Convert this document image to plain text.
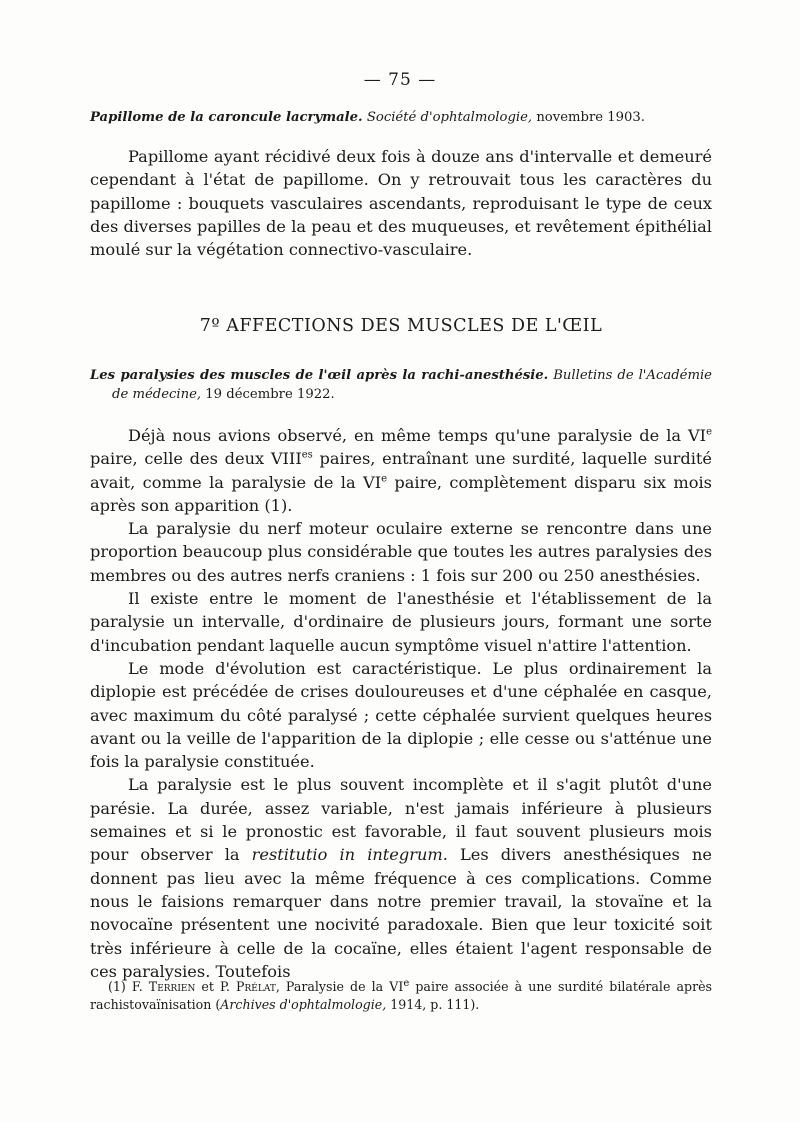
— 75 —
Papillome de la caroncule lacrymale. Société d'ophtalmologie, novembre 1903.

Papillome ayant récidivé deux fois à douze ans d'intervalle et demeuré cependant à l'état de papillome. On y retrouvait tous les caractères du papillome : bouquets vasculaires ascendants, reproduisant le type de ceux des diverses papilles de la peau et des muqueuses, et revêtement épithélial moulé sur la végétation connectivo-vasculaire.

7º AFFECTIONS DES MUSCLES DE L'ŒIL

Les paralysies des muscles de l'œil après la rachi-anesthésie. Bulletins de l'Académie de médecine, 19 décembre 1922.

Déjà nous avions observé, en même temps qu'une paralysie de la VIe paire, celle des deux $VIII^{es}$ paires, entraînant une surdité, laquelle surdité avait, comme la paralysie de la VIe paire, complètement disparu six mois après son apparition (1).

La paralysie du nerf moteur oculaire externe se rencontre dans une proportion beaucoup plus considérable que toutes les autres paralysies des membres ou des autres nerfs craniens : 1 fois sur 200 ou 250 anesthésies.

Il existe entre le moment de l'anesthésie et l'établissement de la paralysie un intervalle, d'ordinaire de plusieurs jours, formant une sorte d'incubation pendant laquelle aucun symptôme visuel n'attire l'attention.

Le mode d'évolution est caractéristique. Le plus ordinairement la diplopie est précédée de crises douloureuses et d'une céphalée en casque, avec maximum du côté paralysé ; cette céphalée survient quelques heures avant ou la veille de l'apparition de la diplopie ; elle cesse ou s'atténue une fois la paralysie constituée.

La paralysie est le plus souvent incomplète et il s'agit plutôt d'une parésie. La durée, assez variable, n'est jamais inférieure à plusieurs semaines et si le pronostic est favorable, il faut souvent plusieurs mois pour observer la restitutio in integrum. Les divers anesthésiques ne donnent pas lieu avec la même fréquence à ces complications. Comme nous le faisions remarquer dans notre premier travail, la stovaïne et la novocaïne présentent une nocivité paradoxale. Bien que leur toxicité soit très inférieure à celle de la cocaïne, elles étaient l'agent responsable de ces paralysies. Toutefois

(1) F. Terrien et P. Prélat, Paralysie de la VIe paire associée à une surdité bilatérale après rachistovaïnisation (Archives d'ophtalmologie, 1914, p. 111).
